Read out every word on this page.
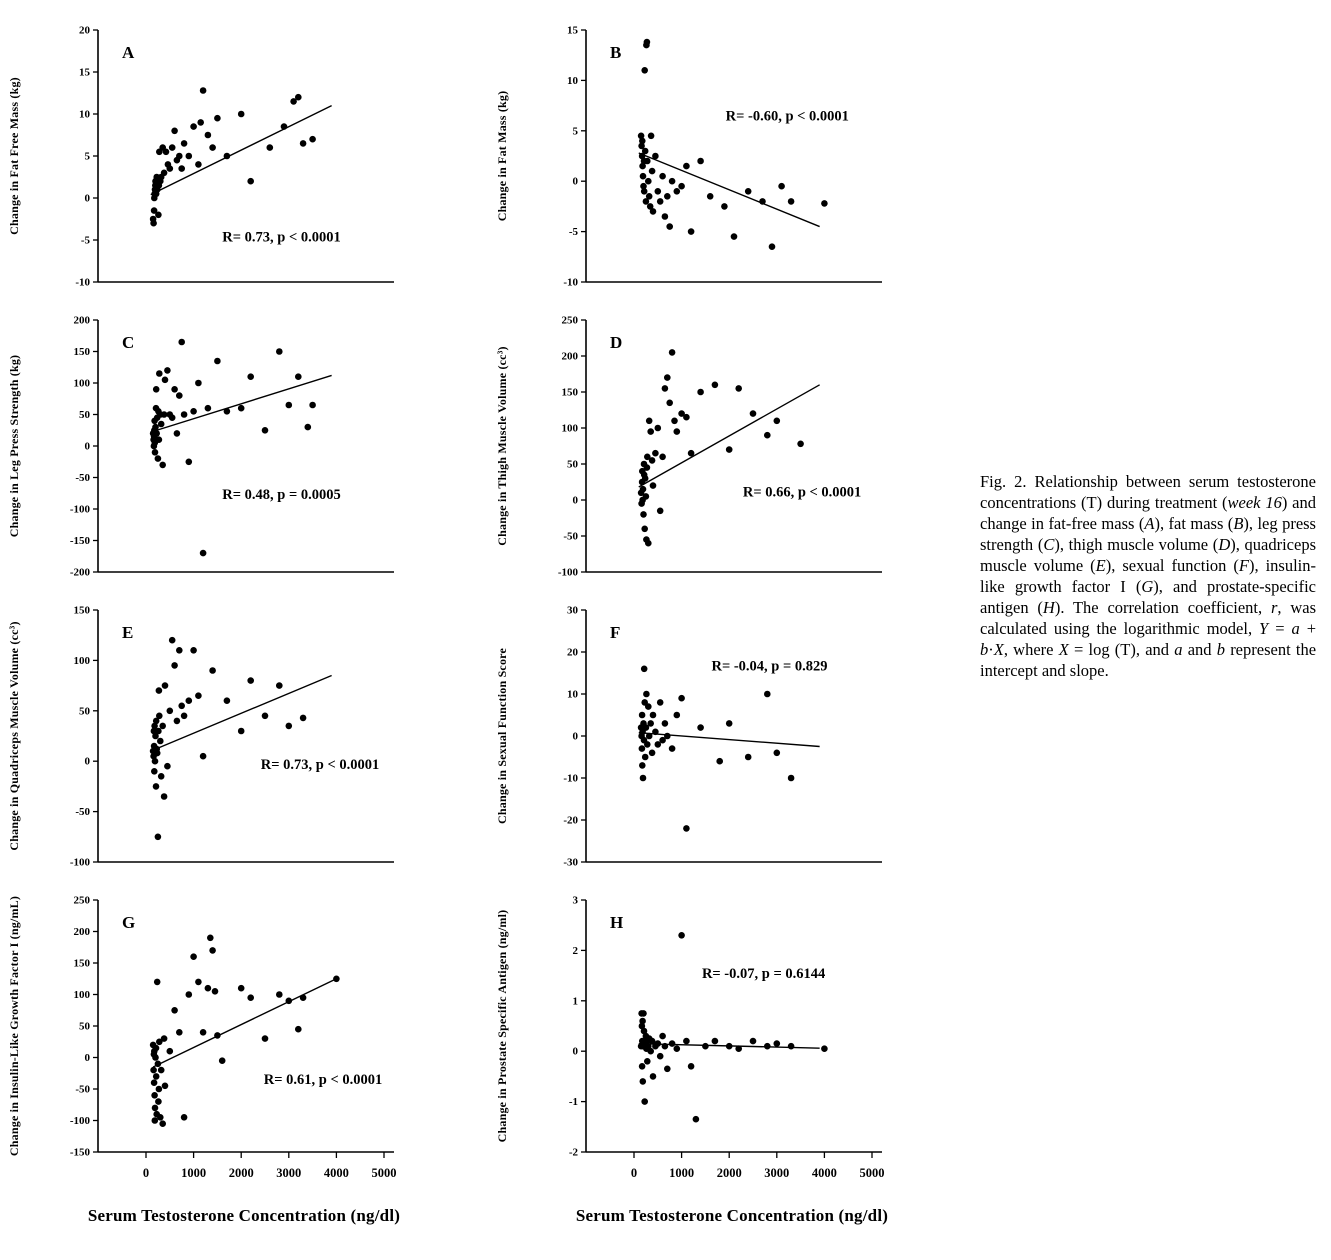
20
15
10
5
0
-5
-10
A
R= 0.73, p < 0.0001
Change in Fat Free Mass (kg)
200
150
100
50
0
-50
-100
-150
-200
C
R= 0.48, p = 0.0005
Change in Leg Press Strength (kg)
150
100
50
0
-50
-100
E
R= 0.73, p < 0.0001
Change in Quadriceps Muscle Volume (cc³)
250
200
150
100
50
0
-50
-100
-150
0	1000 2000 3000 4000 5000
G
R= 0.61, p < 0.0001
Change in Insulin-Like Growth Factor I (ng/mL)
Serum Testosterone Concentration (ng/dl)
15
10
5
0
-5
-10
B
R= -0.60, p < 0.0001
Change in Fat Mass (kg)
250
200
150
100
50
0
-50
-100
D
R= 0.66, p < 0.0001
Change in Thigh Muscle Volume (cc³)
30
20
10
0
-10
-20
-30
F
R= -0.04, p = 0.829
Change in Sexual Function Score
3
2
1
0
-1
-2
0	1000 2000 3000 4000 5000
H
R= -0.07, p = 0.6144
Change in Prostate Specific Antigen (ng/ml)
Serum Testosterone Concentration (ng/dl)
Fig. 2. Relationship between serum testosterone concentrations (T) during treatment (week 16) and change in fat-free mass (A), fat mass (B), leg press strength (C), thigh muscle volume (D), quadriceps muscle volume (E), sexual function (F), insulin-like growth factor I (G), and prostate-specific antigen (H). The correlation coefficient, r, was calculated using the logarithmic model, Y = a + b·X, where X = log (T), and a and b represent the intercept and slope.
